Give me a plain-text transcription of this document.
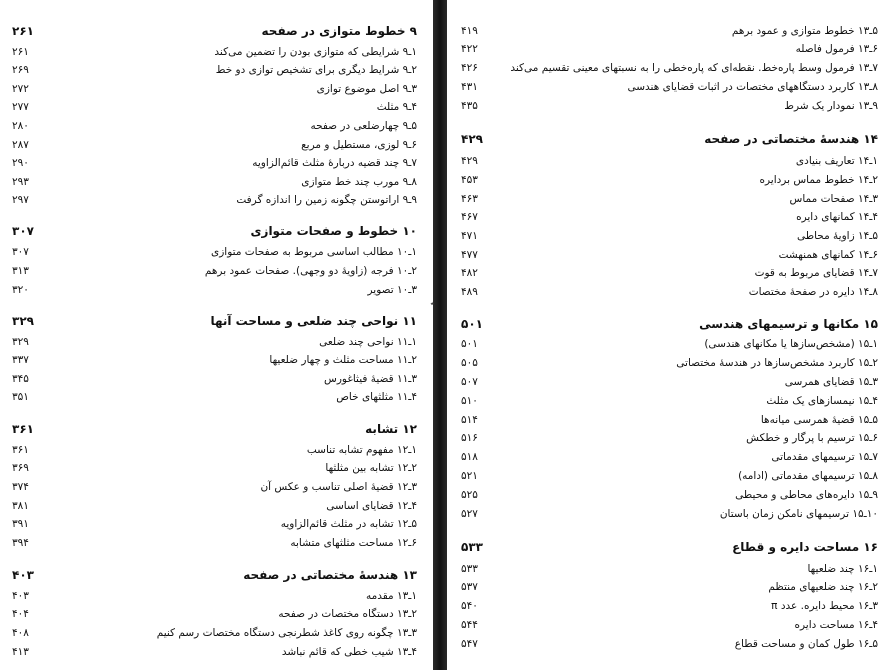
۹ خطوط متوازی در صفحه
۲۶۱
۱ـ۹ شرایطی که متوازی بودن را تضمین می‌کند
۲۶۱
۲ـ۹ شرایط دیگری برای تشخیص توازی دو خط
۲۶۹
۳ـ۹ اصل موضوع توازی
۲۷۲
۴ـ۹ مثلث
۲۷۷
۵ـ۹ چهارضلعی در صفحه
۲۸۰
۶ـ۹ لوزی، مستطیل و مربع
۲۸۷
۷ـ۹ چند قضیه دربارهٔ مثلث قائم‌الزاویه
۲۹۰
۸ـ۹ مورب چند خط متوازی
۲۹۳
۹ـ۹ اراتوستن چگونه زمین را اندازه گرفت
۲۹۷
۱۰ خطوط و صفحات متوازی
۳۰۷
۱ـ۱۰ مطالب اساسی مربوط به صفحات متوازی
۳۰۷
۲ـ۱۰ فرجه (زاویهٔ دو وجهی). صفحات عمود برهم
۳۱۳
۳ـ۱۰ تصویر
۳۲۰
۱۱ نواحی چند ضلعی و مساحت آنها
۳۲۹
۱ـ۱۱ نواحی چند ضلعی
۳۲۹
۲ـ۱۱ مساحت مثلث و چهار ضلعیها
۳۳۷
۳ـ۱۱ قضیهٔ فیثاغورس
۳۴۵
۴ـ۱۱ مثلثهای خاص
۳۵۱
۱۲ تشابه
۳۶۱
۱ـ۱۲ مفهوم تشابه تناسب
۳۶۱
۲ـ۱۲ تشابه بین مثلثها
۳۶۹
۳ـ۱۲ قضیهٔ اصلی تناسب و عکس آن
۳۷۴
۴ـ۱۲ قضایای اساسی
۳۸۱
۵ـ۱۲ تشابه در مثلث قائم‌الزاویه
۳۹۱
۶ـ۱۲ مساحت مثلثهای متشابه
۳۹۴
۱۳ هندسهٔ مختصاتی در صفحه
۴۰۳
۱ـ۱۳ مقدمه
۴۰۳
۲ـ۱۳ دستگاه مختصات در صفحه
۴۰۴
۳ـ۱۳ چگونه روی کاغذ شطرنجی دستگاه مختصات رسم کنیم
۴۰۸
۴ـ۱۳ شیب خطی که قائم نباشد
۴۱۳
۵ـ۱۳ خطوط متوازی و عمود برهم
۴۱۹
۶ـ۱۳ فرمول فاصله
۴۲۲
۷ـ۱۳ فرمول وسط پاره‌خط. نقطه‌ای که پاره‌خطی را به نسبتهای معینی تقسیم می‌کند
۴۲۶
۸ـ۱۳ کاربرد دستگاههای مختصات در اثبات قضایای هندسی
۴۳۱
۹ـ۱۳ نمودار یک شرط
۴۳۵
۱۴ هندسهٔ مختصاتی در صفحه
۴۲۹
۱ـ۱۴ تعاریف بنیادی
۴۲۹
۲ـ۱۴ خطوط مماس بردایره
۴۵۳
۳ـ۱۴ صفحات مماس
۴۶۳
۴ـ۱۴ کمانهای دایره
۴۶۷
۵ـ۱۴ زاویهٔ محاطی
۴۷۱
۶ـ۱۴ کمانهای همنهشت
۴۷۷
۷ـ۱۴ قضایای مربوط به قوت
۴۸۲
۸ـ۱۴ دایره در صفحهٔ مختصات
۴۸۹
۱۵ مکانها و ترسیمهای هندسی
۵۰۱
۱ـ۱۵ (مشخص‌سازها یا مکانهای هندسی)
۵۰۱
۲ـ۱۵ کاربرد مشخص‌سازها در هندسهٔ مختصاتی
۵۰۵
۳ـ۱۵ قضایای همرسی
۵۰۷
۴ـ۱۵ نیمسازهای یک مثلث
۵۱۰
۵ـ۱۵ قضیهٔ همرسی میانه‌ها
۵۱۴
۶ـ۱۵ ترسیم با پرگار و خطکش
۵۱۶
۷ـ۱۵ ترسیمهای مقدماتی
۵۱۸
۸ـ۱۵ ترسیمهای مقدماتی (ادامه)
۵۲۱
۹ـ۱۵ دایره‌های محاطی و محیطی
۵۲۵
۱۰ـ۱۵ ترسیمهای نامکن زمان باستان
۵۲۷
۱۶ مساحت دایره و قطاع
۵۳۳
۱ـ۱۶ چند ضلعیها
۵۳۳
۲ـ۱۶ چند ضلعیهای منتظم
۵۳۷
۳ـ۱۶ محیط دایره. عدد π
۵۴۰
۴ـ۱۶ مساحت دایره
۵۴۴
۵ـ۱۶ طول کمان و مساحت قطاع
۵۴۷
٭
